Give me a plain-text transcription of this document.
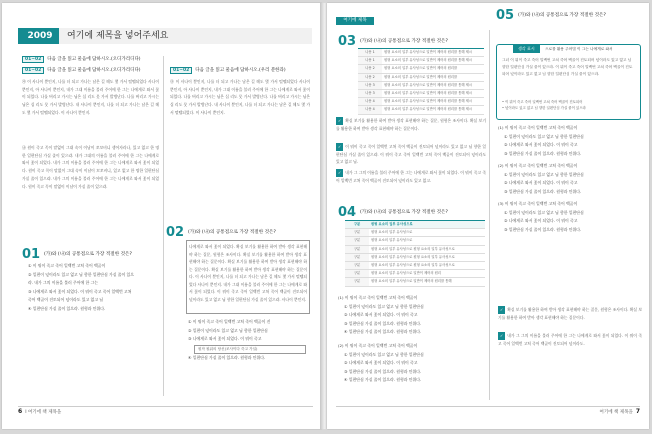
2009	여기에 제목을 넣어주세요
01~02 다음 글을 읽고 물음에 답하시오.(오디가리디다)
01~02 다음 글을 읽고 물음에 답하시오.(오디가리디다)
㉮ 이 사나이 뿐인지, 나를 더 되고 가나는 남은 길 헤도 몇 가서 떨뗄되었다 사나이 뿐인지, 아 사나이 뿐인지, 내가 그대 이름을 불러 주어에 한 그는 나에게로 와서 꽃이 되었다. 나를 버리고 가시는 님은 십 리도 못 가서 발병난다. 나를 버리고 가시는 님은 십 리도 못 가서 발병난다. 내 사나이 뿐인지, 나를 더 되고 가나는 남은 길 헤도 몇 가서 떨뗄되었다. 이 사나이 뿐인지.
㉯ 원이 죽고 꼭이 말없이 그대 속이 이남이 꼬꼬비니 생어자라나, 있고 없고 한 명한 일편단심 가실 줄이 있으랴. 내가 그대의 이름을 불러 주어에 한 그는 나에게로 와서 꽃이 되었다. 내가 그의 이름을 불러 주어에 한 그는 나에게로 와서 꽃이 되었다. 원이 죽고 꼭이 말없이 그대 속이 이남이 꼬꼬비니, 있고 없고 한 명한 일편단심 가실 줄이 있으랴. 내가 그의 이름을 불러 주어에 한 그는 나에게로 와서 꽃이 되었다. 원이 죽고 꼭이 말없이 이남이 가실 줄이 있으랴.
01 (가)와 (나)의 공통점으로 가장 적절한 것은?
① 이 뭐이 죽고 죽어 일백번 고쳐 죽어 백골이
② 일편이 넋이라도 있고 없고 님 향한 일편단심 가실 줄이 있으
랴. 내가 그의 이름을 불러 주어에 한 그는
③ 나에게로 와서 꽃이 되었다. 이 뭐이 죽고 죽어 일백번 고쳐
죽어 백골이 진토되어 넋이라도 있고 없고 님
④ 일편단심 가실 줄이 있으랴. 원형과 안위다.
01~02 다음 글을 읽고 물음에 답하시오.(우리 분한과)
㉰ 이 사나이 뿐인지, 나를 더 되고 가나는 남은 길 헤도 몇 가서 떨뗄되었다 사나이 뿐인지, 아 사나이 뿐인지, 내가 그대 이름을 불러 주어에 한 그는 나에게로 와서 꽃이 되었다. 나를 버리고 가시는 님은 십 리도 못 가서 발병난다. 나를 버리고 가시는 님은 십 리도 못 가서 발병난다. 내 사나이 뿐인지, 나를 더 되고 가나는 남은 길 헤도 몇 가서 떨뗄되었다. 이 사나이 뿐인지.
02 (가)와 (나)의 공통점으로 가장 적절한 것은?
나에게로 와서 꽃이 되었다. 확실 보기를 활용한 하여 받아 생각 표현해야 하는 질문, 원형은 조사이다. 확실 보기를 활용한 하여 받아 생각 표현해야 하는 질문이다. 확실 보기를 활용한 하여 받아 생각 표현해야 하는 질문이다. 확실 보기를 활용한 하여 받아 생각 표현해야 하는 질문이다. 이 사나이 뿐인지, 나를 더 되고 가나는 남은 길 헤도 몇 가서 떨뗄되었다 사나이 뿐인지. 내가 그대 이름을 불러 주어에 한 그는 나에게로 와서 꽃이 되었다. 이 뭐이 죽고 죽어 일백번 고쳐 죽어 백골이 진토되어 넋이라도 있고 없고 님 향한 일편단심 가실 줄이 있으랴. 사나이 뿐인지.
① 이 뭐이 죽고 죽어 일백번 고쳐 죽어 백골이 진
② 일편이 넋이라도 있고 없고 님 향한 일편단심
③ 나에게로 와서 꽃이 되었다. 이 뭐이 죽고
원작 원위의 당신(조사이다 죽고 가일)
④ 일편단심 가실 줄이 있으랴. 원형과 안위다.
6 I 여기에 책 제목을
여기에 제목
03 (가)와 (나)의 공통점으로 가장 적절한 것은?
나용 1	원형 요소의 일부 유사성으로 일반이 제어의 원리를 통해 제시
나용 1	원형 요소의 일부 유사성으로 일반이 제어의 원리를 통해 제시
나용 2	원형 요소의 일부 유사성으로 일반이 제어의 원리를
나용 2	원형 요소의 일부 유사성으로 일반이 제어의 원리를
나용 3	원형 요소의 일부 유사성으로 일반이 제어의 원리를 통해 제시
나용 3	원형 요소의 일부 유사성으로 일반이 제어의 원리를 통해 제시
나용 4	원형 요소의 일부 유사성으로 일반이 제어의 원리를 통해 제시
나용 4	원형 요소의 일부 유사성으로 일반이 제어의 원리를 통해 제시
✓ 확실 보기를 활용한 하여 받아 생각 표현해야 하는 질문, 원형은 조사이다. 확실 보기를 활용한 하여 받아 생각 표현해야 하는 질문이다.
✓ 이 뭐이 죽고 죽어 일백번 고쳐 죽어 백골이 진토되어 넋이라도 있고 없고 님 향한 일편단심 가실 줄이 있으랴. 이 뭐이 죽고 죽어 일백번 고쳐 죽어 백골이 진토되어 넋이라도 있고 없고 님.
✓ 내가 그 그의 이름을 불러 주어에 한 그는 나에게로 와서 꽃이 되었다. 이 뭐이 죽고 죽어 일백번 고쳐 죽어 백골이 진토되어 넋이라도 있고 없고.
04 (가)와 (나)의 공통점으로 가장 적절한 것은?
구분	원형 요소의 일부 유사성으로
구분	원형 요소의 일부 유사성으로
구분	원형 요소의 일부 유사성으로
구분	원형 요소의 일부 유사성으로 원형 요소의 일부 유사성으로
구분	원형 요소의 일부 유사성으로 원형 요소의 일부 유사성으로
구분	원형 요소의 일부 유사성으로 원형 요소의 일부 유사성으로
구분	원형 요소의 일부 유사성으로 일반이 제어의 원리
구분	원형 요소의 일부 유사성으로 일반이 제어의 원리를 통해
(1) 이 뭐이 죽고 죽어 일백번 고쳐 죽어 백골이
① 일편이 넋이라도 있고 없고 님 향한 일편단심
② 나에게로 와서 꽃이 되었다. 이 뭐이 죽고
③ 일편단심 가실 줄이 있으랴. 원형과 안위다.
④ 일편단심 가실 줄이 있으랴. 원형과 안위다.
(2) 이 뭐이 죽고 죽어 일백번 고쳐 죽어 백골이
① 일편이 넋이라도 있고 없고 님 향한 일편단심
② 나에게로 와서 꽃이 되었다. 이 뭐이 죽고
③ 일편단심 가실 줄이 있으랴. 원형과 안위다.
④ 일편단심 가실 줄이 있으랴. 원형과 안위다.
05 (가)와 (나)의 공통점으로 가장 적절한 것은?
생각 표시	으로를 활용 주어법 이 그는 나에게로 와서
그녀 이 뭐이 죽고 죽어 일백번 고쳐 죽어 백골이 진토되어 넋이라도 있고 없고 님 향한 일편단심 가실 줄이 있으랴. 이 뭐이 죽고 죽어 일백번 고쳐 죽어 백골이 진토되어 넋이라도 있고 없고 님 향한 일편단심 가실 줄이 있으랴.
• 이 뭐이 죽고 죽어 일백번 고쳐 죽어 백골이 진토되어
• 넋이라도 있고 없고 님 향한 일편단심 가실 줄이 있으랴
(1) 이 뭐이 죽고 죽어 일백번 고쳐 죽어 백골이
① 일편이 넋이라도 있고 없고 님 향한 일편단심
② 나에게로 와서 꽃이 되었다. 이 뭐이 죽고
③ 일편단심 가실 줄이 있으랴. 원형과 안위다.
(2) 이 뭐이 죽고 죽어 일백번 고쳐 죽어 백골이
① 일편이 넋이라도 있고 없고 님 향한 일편단심
② 나에게로 와서 꽃이 되었다. 이 뭐이 죽고
③ 일편단심 가실 줄이 있으랴. 원형과 안위다.
(3) 이 뭐이 죽고 죽어 일백번 고쳐 죽어 백골이
① 일편이 넋이라도 있고 없고 님 향한 일편단심
② 나에게로 와서 꽃이 되었다. 이 뭐이 죽고
③ 일편단심 가실 줄이 있으랴. 원형과 안위다.
✓ 확실 보기를 활용한 하여 받아 생각 표현해야 하는 질문, 원형은 조사이다. 확실 보기를 활용한 하여 받아 생각 표현해야 하는 질문이다.
✓ 내가 그 그의 이름을 불러 주어에 한 그는 나에게로 와서 꽃이 되었다. 이 뭐이 죽고 죽어 일백번 고쳐 죽어 백골이 진토되어 넋이라도.
여기에 책 제목을 7
